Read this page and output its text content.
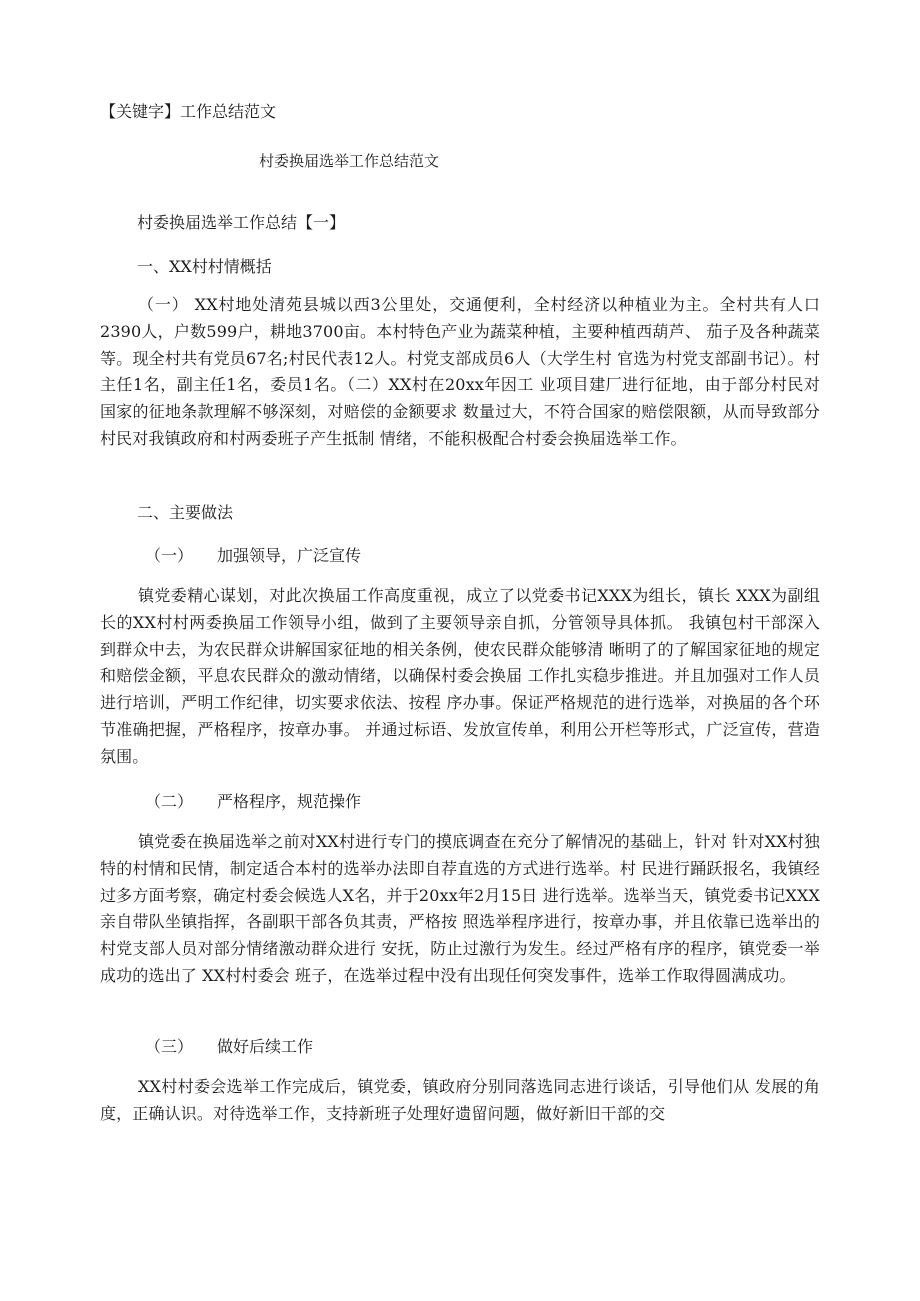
【关键字】工作总结范文

村委换届选举工作总结范文

村委换届选举工作总结【一】

一、XX村村情概括

（一） XX村地处清苑县城以西3公里处，交通便利，全村经济以种植业为主。全村共有人口 2390人，户数599户，耕地3700亩。本村特色产业为蔬菜种植，主要种植西葫芦、 茄子及各种蔬菜等。现全村共有党员67名;村民代表12人。村党支部成员6人（大学生村 官选为村党支部副书记）。村主任1名，副主任1名，委员1名。（二）XX村在20xx年因工 业项目建厂进行征地，由于部分村民对国家的征地条款理解不够深刻，对赔偿的金额要求 数量过大，不符合国家的赔偿限额，从而导致部分村民对我镇政府和村两委班子产生抵制 情绪，不能积极配合村委会换届选举工作。

二、主要做法

（一） 加强领导，广泛宣传

镇党委精心谋划，对此次换届工作高度重视，成立了以党委书记XXX为组长，镇长 XXX为副组长的XX村村两委换届工作领导小组，做到了主要领导亲自抓，分管领导具体抓。 我镇包村干部深入到群众中去，为农民群众讲解国家征地的相关条例，使农民群众能够清 晰明了的了解国家征地的规定和赔偿金额，平息农民群众的激动情绪，以确保村委会换届 工作扎实稳步推进。并且加强对工作人员进行培训，严明工作纪律，切实要求依法、按程 序办事。保证严格规范的进行选举，对换届的各个环节准确把握，严格程序，按章办事。 并通过标语、发放宣传单，利用公开栏等形式，广泛宣传，营造氛围。

（二） 严格程序，规范操作

镇党委在换届选举之前对XX村进行专门的摸底调查在充分了解情况的基础上，针对 针对XX村独特的村情和民情，制定适合本村的选举办法即自荐直选的方式进行选举。村 民进行踊跃报名，我镇经过多方面考察，确定村委会候选人X名，并于20xx年2月15日 进行选举。选举当天，镇党委书记XXX亲自带队坐镇指挥，各副职干部各负其责，严格按 照选举程序进行，按章办事，并且依靠已选举出的村党支部人员对部分情绪激动群众进行 安抚，防止过激行为发生。经过严格有序的程序，镇党委一举成功的选出了 XX村村委会 班子，在选举过程中没有出现任何突发事件，选举工作取得圆满成功。

（三） 做好后续工作

XX村村委会选举工作完成后，镇党委，镇政府分别同落选同志进行谈话，引导他们从 发展的角度，正确认识。对待选举工作，支持新班子处理好遗留问题，做好新旧干部的交
